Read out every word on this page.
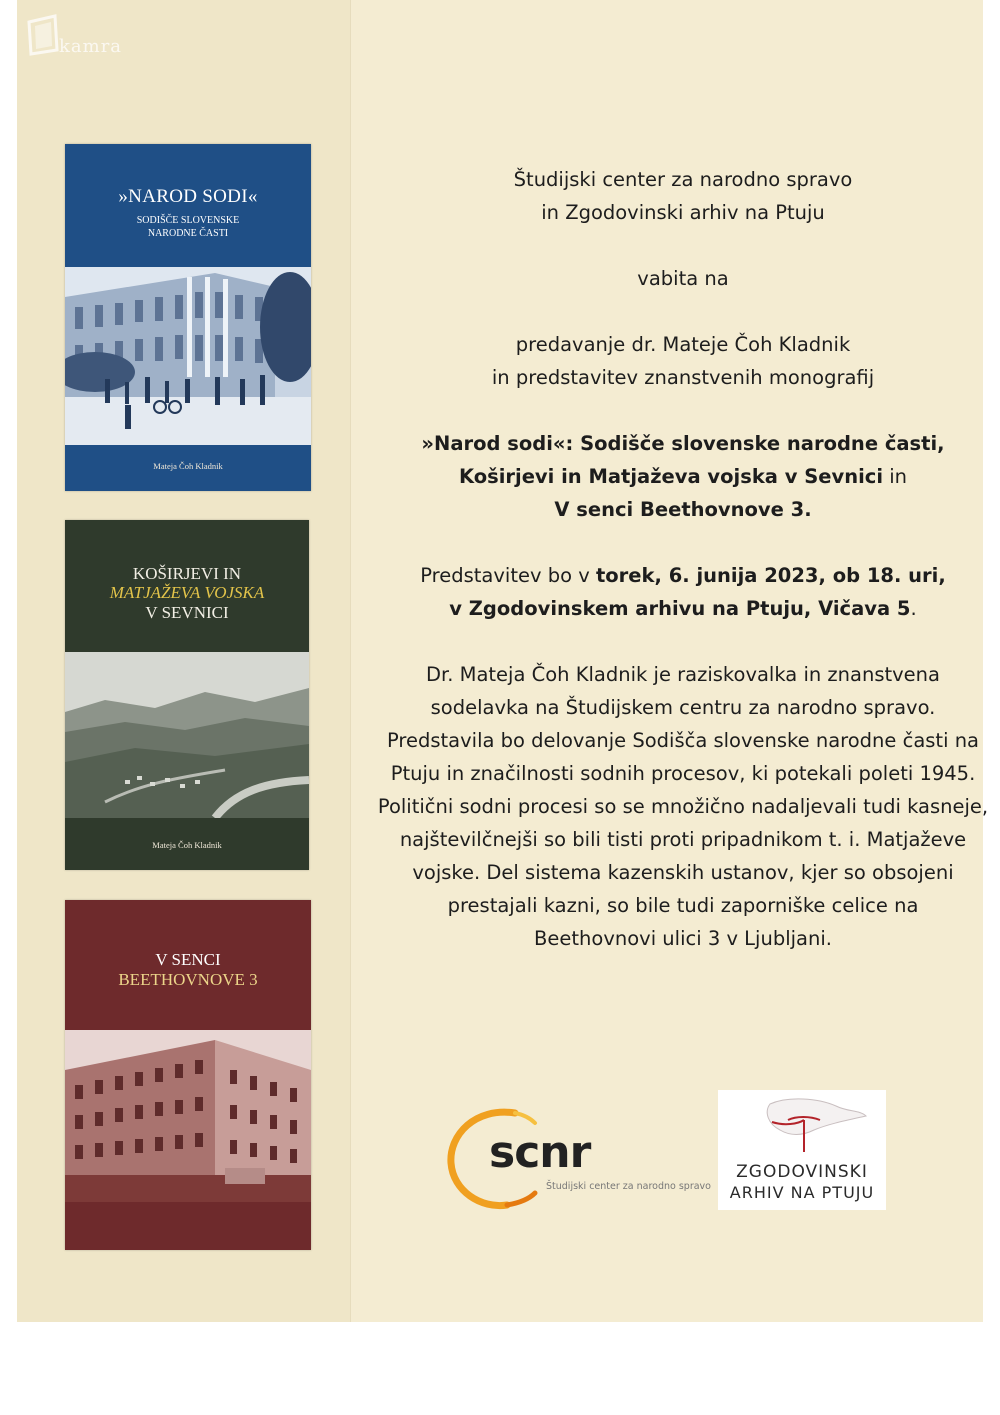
kamra
»NAROD SODI«
SODIŠČE SLOVENSKE
NARODNE ČASTI
Mateja Čoh Kladnik
KOŠIRJEVI IN
MATJAŽEVA VOJSKA
V SEVNICI
Mateja Čoh Kladnik
V SENCI
BEETHOVNOVE 3

Študijski center za narodno spravo

in Zgodovinski arhiv na Ptuju

vabita na

predavanje dr. Mateje Čoh Kladnik

in predstavitev znanstvenih monografij

»Narod sodi«: Sodišče slovenske narodne časti,

Koširjevi in Matjaževa vojska v Sevnici in

V senci Beethovnove 3.

Predstavitev bo v torek, 6. junija 2023, ob 18. uri,

v Zgodovinskem arhivu na Ptuju, Vičava 5.

Dr. Mateja Čoh Kladnik je raziskovalka in znanstvena

sodelavka na Študijskem centru za narodno spravo.

Predstavila bo delovanje Sodišča slovenske narodne časti na

Ptuju in značilnosti sodnih procesov, ki potekali poleti 1945.

Politični sodni procesi so se množično nadaljevali tudi kasneje,

najštevilčnejši so bili tisti proti pripadnikom t. i. Matjaževe

vojske. Del sistema kazenskih ustanov, kjer so obsojeni

prestajali kazni, so bile tudi zaporniške celice na

Beethovnovi ulici 3 v Ljubljani.

scnr
Študijski center za narodno spravo
ZGODOVINSKI
ARHIV NA PTUJU
